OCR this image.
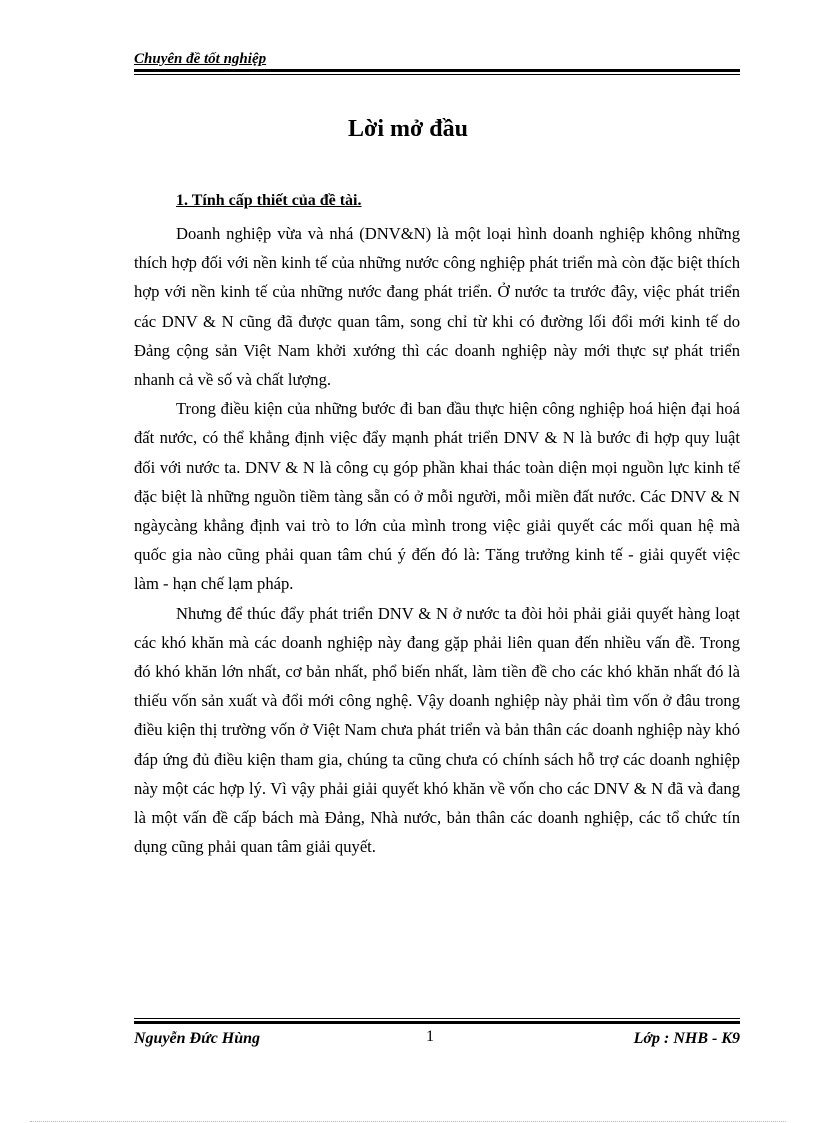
Chuyên đề tốt nghiệp
Lời mở đầu
1. Tính cấp thiết của đề tài.

Doanh nghiệp vừa và nhá (DNV&N) là một loại hình doanh nghiệp không những thích hợp đối với nền kinh tế của những nước công nghiệp phát triển mà còn đặc biệt thích hợp với nền kinh tế của những nước đang phát triển. Ở nước ta trước đây, việc phát triển các DNV & N cũng đã được quan tâm, song chỉ từ khi có đường lối đổi mới kinh tế do Đảng cộng sản Việt Nam khởi xướng thì các doanh nghiệp này mới thực sự phát triển nhanh cả về số và chất lượng.

Trong điều kiện của những bước đi ban đầu thực hiện công nghiệp hoá hiện đại hoá đất nước, có thể khẳng định việc đẩy mạnh phát triển DNV & N là bước đi hợp quy luật đối với nước ta. DNV & N là công cụ góp phần khai thác toàn diện mọi nguồn lực kinh tế đặc biệt là những nguồn tiềm tàng sẵn có ở mỗi người, mỗi miền đất nước. Các DNV & N ngàycàng khẳng định vai trò to lớn của mình trong việc giải quyết các mối quan hệ mà quốc gia nào cũng phải quan tâm chú ý đến đó là: Tăng trưởng kinh tế - giải quyết việc làm - hạn chế lạm pháp.

Nhưng để thúc đẩy phát triển DNV & N ở nước ta đòi hỏi phải giải quyết hàng loạt các khó khăn mà các doanh nghiệp này đang gặp phải liên quan đến nhiều vấn đề. Trong đó khó khăn lớn nhất, cơ bản nhất, phổ biến nhất, làm tiền đề cho các khó khăn nhất đó là thiếu vốn sản xuất và đổi mới công nghệ. Vậy doanh nghiệp này phải tìm vốn ở đâu trong điều kiện thị trường vốn ở Việt Nam chưa phát triển và bản thân các doanh nghiệp này khó đáp ứng đủ điều kiện tham gia, chúng ta cũng chưa có chính sách hỗ trợ các doanh nghiệp này một các hợp lý. Vì vậy phải giải quyết khó khăn về vốn cho các DNV & N đã và đang là một vấn đề cấp bách mà Đảng, Nhà nước, bản thân các doanh nghiệp, các tổ chức tín dụng cũng phải quan tâm giải quyết.

Nguyễn Đức Hùng	1	Lớp : NHB - K9
